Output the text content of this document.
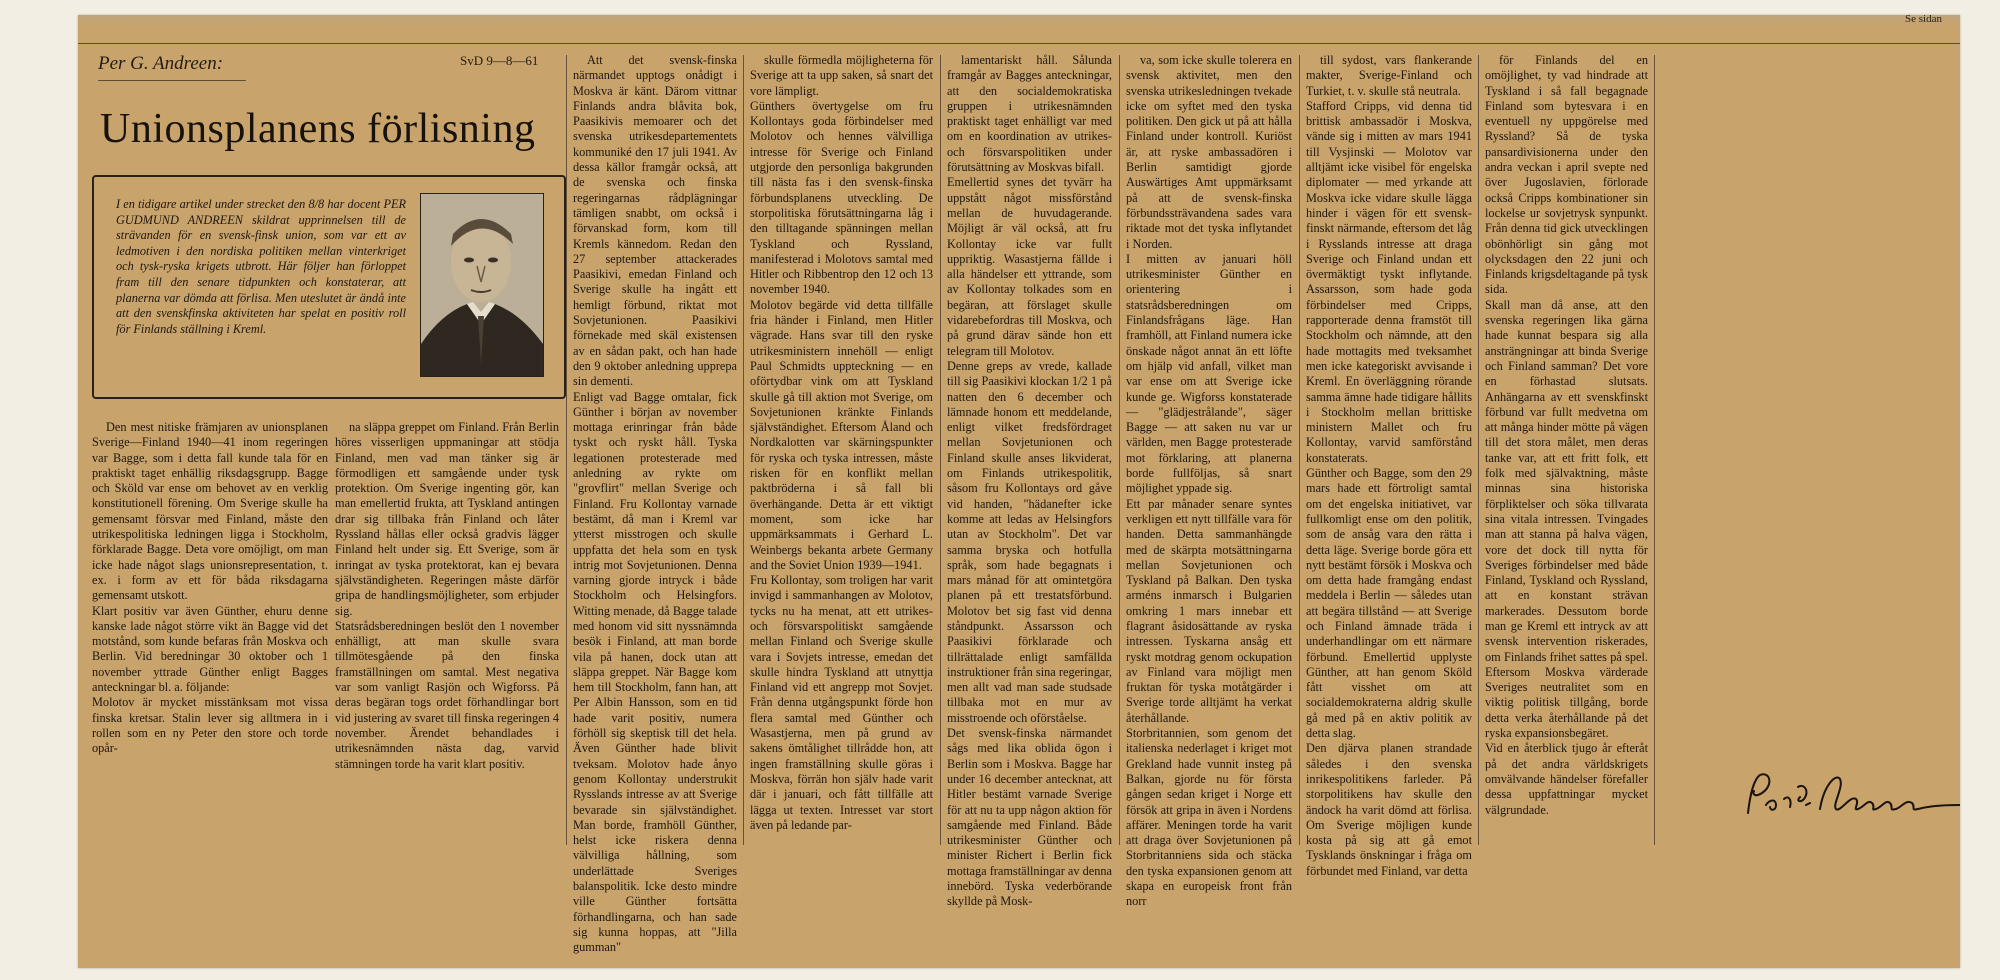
Se sidan
Per G. Andreen:	SvD 9—8—61
Unionsplanens förlisning
I en tidigare artikel under strecket den 8/8 har docent PER GUDMUND ANDREEN skildrat upprinnelsen till de strävanden för en svensk-finsk union, som var ett av ledmotiven i den nordiska politiken mellan vinterkriget och tysk-ryska krigets utbrott. Här följer han förloppet fram till den senare tidpunkten och konstaterar, att planerna var dömda att förlisa. Men uteslutet är ändå inte att den svenskfinska aktiviteten har spelat en positiv roll för Finlands ställning i Kreml.

Den mest nitiske främjaren av unionsplanen Sverige—Finland 1940—41 inom regeringen var Bagge, som i detta fall kunde tala för en praktiskt taget enhällig riksdagsgrupp. Bagge och Sköld var ense om behovet av en verklig konstitutionell förening. Om Sverige skulle ha gemensamt försvar med Finland, måste den utrikespolitiska ledningen ligga i Stockholm, förklarade Bagge. Deta vore omöjligt, om man icke hade något slags unionsrepresentation, t. ex. i form av ett för båda riksdagarna gemensamt utskott.
Klart positiv var även Günther, ehuru denne kanske lade något större vikt än Bagge vid det motstånd, som kunde befaras från Moskva och Berlin. Vid beredningar 30 oktober och 1 november yttrade Günther enligt Bagges anteckningar bl. a. följande:
Molotov är mycket misstänksam mot vissa finska kretsar. Stalin lever sig alltmera in i rollen som en ny Peter den store och torde opår-

na släppa greppet om Finland. Från Berlin höres visserligen uppmaningar att stödja Finland, men vad man tänker sig är förmodligen ett samgående under tysk protektion. Om Sverige ingenting gör, kan man emellertid frukta, att Tyskland antingen drar sig tillbaka från Finland och låter Ryssland hållas eller också gradvis lägger Finland helt under sig. Ett Sverige, som är inringat av tyska protektorat, kan ej bevara självständigheten. Regeringen måste därför gripa de handlingsmöjligheter, som erbjuder sig.
Statsrådsberedningen beslöt den 1 november enhälligt, att man skulle svara tillmötesgående på den finska framställningen om samtal. Mest negativa var som vanligt Rasjön och Wigforss. På deras begäran togs ordet förhandlingar bort vid justering av svaret till finska regeringen 4 november. Ärendet behandlades i utrikesnämnden nästa dag, varvid stämningen torde ha varit klart positiv.

Att det svensk-finska närmandet upptogs onådigt i Moskva är känt. Därom vittnar Finlands andra blåvita bok, Paasikivis memoarer och det svenska utrikesdepartementets kommuniké den 17 juli 1941. Av dessa källor framgår också, att de svenska och finska regeringarnas rådplägningar tämligen snabbt, om också i förvanskad form, kom till Kremls kännedom. Redan den 27 september attackerades Paasikivi, emedan Finland och Sverige skulle ha ingått ett hemligt förbund, riktat mot Sovjetunionen. Paasikivi förnekade med skäl existensen av en sådan pakt, och han hade den 9 oktober anledning upprepa sin dementi.
Enligt vad Bagge omtalar, fick Günther i början av november mottaga erinringar från både tyskt och ryskt håll. Tyska legationen protesterade med anledning av rykte om "grovflirt" mellan Sverige och Finland. Fru Kollontay varnade bestämt, då man i Kreml var ytterst misstrogen och skulle uppfatta det hela som en tysk intrig mot Sovjetunionen. Denna varning gjorde intryck i både Stockholm och Helsingfors. Witting menade, då Bagge talade med honom vid sitt nyssnämnda besök i Finland, att man borde vila på hanen, dock utan att släppa greppet. När Bagge kom hem till Stockholm, fann han, att Per Albin Hansson, som en tid hade varit positiv, numera förhöll sig skeptisk till det hela. Även Günther hade blivit tveksam. Molotov hade ånyo genom Kollontay understrukit Rysslands intresse av att Sverige bevarade sin självständighet. Man borde, framhöll Günther, helst icke riskera denna välvilliga hållning, som underlättade Sveriges balanspolitik. Icke desto mindre ville Günther fortsätta förhandlingarna, och han sade sig kunna hoppas, att "Jilla gumman"

skulle förmedla möjligheterna för Sverige att ta upp saken, så snart det vore lämpligt.
Günthers övertygelse om fru Kollontays goda förbindelser med Molotov och hennes välvilliga intresse för Sverige och Finland utgjorde den personliga bakgrunden till nästa fas i den svensk-finska förbundsplanens utveckling. De storpolitiska förutsättningarna låg i den tilltagande spänningen mellan Tyskland och Ryssland, manifesterad i Molotovs samtal med Hitler och Ribbentrop den 12 och 13 november 1940.
Molotov begärde vid detta tillfälle fria händer i Finland, men Hitler vägrade. Hans svar till den ryske utrikesministern innehöll — enligt Paul Schmidts uppteckning — en oförtydbar vink om att Tyskland skulle gå till aktion mot Sverige, om Sovjetunionen kränkte Finlands självständighet. Eftersom Åland och Nordkalotten var skärningspunkter för ryska och tyska intressen, måste risken för en konflikt mellan paktbröderna i så fall bli överhängande. Detta är ett viktigt moment, som icke har uppmärksammats i Gerhard L. Weinbergs bekanta arbete Germany and the Soviet Union 1939—1941.
Fru Kollontay, som troligen har varit invigd i sammanhangen av Molotov, tycks nu ha menat, att ett utrikes- och försvarspolitiskt samgående mellan Finland och Sverige skulle vara i Sovjets intresse, emedan det skulle hindra Tyskland att utnyttja Finland vid ett angrepp mot Sovjet. Från denna utgångspunkt förde hon flera samtal med Günther och Wasastjerna, men på grund av sakens ömtålighet tillrådde hon, att ingen framställning skulle göras i Moskva, förrän hon själv hade varit där i januari, och fått tillfälle att lägga ut texten. Intresset var stort även på ledande par-

lamentariskt håll. Sålunda framgår av Bagges anteckningar, att den socialdemokratiska gruppen i utrikesnämnden praktiskt taget enhälligt var med om en koordination av utrikes- och försvarspolitiken under förutsättning av Moskvas bifall.
Emellertid synes det tyvärr ha uppstått något missförstånd mellan de huvudagerande. Möjligt är väl också, att fru Kollontay icke var fullt uppriktig. Wasastjerna fällde i alla händelser ett yttrande, som av Kollontay tolkades som en begäran, att förslaget skulle vidarebefordras till Moskva, och på grund därav sände hon ett telegram till Molotov.
Denne greps av vrede, kallade till sig Paasikivi klockan 1/2 1 på natten den 6 december och lämnade honom ett meddelande, enligt vilket fredsfördraget mellan Sovjetunionen och Finland skulle anses likviderat, om Finlands utrikespolitik, såsom fru Kollontays ord gåve vid handen, "hädanefter icke komme att ledas av Helsingfors utan av Stockholm". Det var samma bryska och hotfulla språk, som hade begagnats i mars månad för att omintetgöra planen på ett trestatsförbund. Molotov bet sig fast vid denna ståndpunkt. Assarsson och Paasikivi förklarade och tillrättalade enligt samfällda instruktioner från sina regeringar, men allt vad man sade studsade tillbaka mot en mur av misstroende och oförståelse.
Det svensk-finska närmandet sågs med lika oblida ögon i Berlin som i Moskva. Bagge har under 16 december antecknat, att Hitler bestämt varnade Sverige för att nu ta upp någon aktion för samgående med Finland. Både utrikesminister Günther och minister Richert i Berlin fick mottaga framställningar av denna innebörd. Tyska vederbörande skyllde på Mosk-

va, som icke skulle tolerera en svensk aktivitet, men den svenska utrikesledningen tvekade icke om syftet med den tyska politiken. Den gick ut på att hålla Finland under kontroll. Kuriöst är, att ryske ambassadören i Berlin samtidigt gjorde Auswärtiges Amt uppmärksamt på att de svensk-finska förbundssträvandena sades vara riktade mot det tyska inflytandet i Norden.
I mitten av januari höll utrikesminister Günther en orientering i statsrådsberedningen om Finlandsfrågans läge. Han framhöll, att Finland numera icke önskade något annat än ett löfte om hjälp vid anfall, vilket man var ense om att Sverige icke kunde ge. Wigforss konstaterade — "glädjestrålande", säger Bagge — att saken nu var ur världen, men Bagge protesterade mot förklaring, att planerna borde fullföljas, så snart möjlighet yppade sig.
Ett par månader senare syntes verkligen ett nytt tillfälle vara för handen. Detta sammanhängde med de skärpta motsättningarna mellan Sovjetunionen och Tyskland på Balkan. Den tyska arméns inmarsch i Bulgarien omkring 1 mars innebar ett flagrant åsidosättande av ryska intressen. Tyskarna ansåg ett ryskt motdrag genom ockupation av Finland vara möjligt men fruktan för tyska motåtgärder i Sverige torde alltjämt ha verkat återhållande.
Storbritannien, som genom det italienska nederlaget i kriget mot Grekland hade vunnit insteg på Balkan, gjorde nu för första gången sedan kriget i Norge ett försök att gripa in även i Nordens affärer. Meningen torde ha varit att draga över Sovjetunionen på Storbritanniens sida och stäcka den tyska expansionen genom att skapa en europeisk front från norr

till sydost, vars flankerande makter, Sverige-Finland och Turkiet, t. v. skulle stå neutrala.
Stafford Cripps, vid denna tid brittisk ambassadör i Moskva, vände sig i mitten av mars 1941 till Vysjinski — Molotov var alltjämt icke visibel för engelska diplomater — med yrkande att Moskva icke vidare skulle lägga hinder i vägen för ett svensk-finskt närmande, eftersom det låg i Rysslands intresse att draga Sverige och Finland undan ett övermäktigt tyskt inflytande. Assarsson, som hade goda förbindelser med Cripps, rapporterade denna framstöt till Stockholm och nämnde, att den hade mottagits med tveksamhet men icke kategoriskt avvisande i Kreml. En överläggning rörande samma ämne hade tidigare hållits i Stockholm mellan brittiske ministern Mallet och fru Kollontay, varvid samförstånd konstaterats.
Günther och Bagge, som den 29 mars hade ett förtroligt samtal om det engelska initiativet, var fullkomligt ense om den politik, som de ansåg vara den rätta i detta läge. Sverige borde göra ett nytt bestämt försök i Moskva och om detta hade framgång endast meddela i Berlin — således utan att begära tillstånd — att Sverige och Finland ämnade träda i underhandlingar om ett närmare förbund. Emellertid upplyste Günther, att han genom Sköld fått visshet om att socialdemokraterna aldrig skulle gå med på en aktiv politik av detta slag.
Den djärva planen strandade således i den svenska inrikespolitikens farleder. På storpolitikens hav skulle den ändock ha varit dömd att förlisa. Om Sverige möjligen kunde kosta på sig att gå emot Tysklands önskningar i fråga om förbundet med Finland, var detta

för Finlands del en omöjlighet, ty vad hindrade att Tyskland i så fall begagnade Finland som bytesvara i en eventuell ny uppgörelse med Ryssland? Så de tyska pansardivisionerna under den andra veckan i april svepte ned över Jugoslavien, förlorade också Cripps kombinationer sin lockelse ur sovjetrysk synpunkt. Från denna tid gick utvecklingen obönhörligt sin gång mot olycksdagen den 22 juni och Finlands krigsdeltagande på tysk sida.
Skall man då anse, att den svenska regeringen lika gärna hade kunnat bespara sig alla ansträngningar att binda Sverige och Finland samman? Det vore en förhastad slutsats. Anhängarna av ett svenskfinskt förbund var fullt medvetna om att många hinder mötte på vägen till det stora målet, men deras tanke var, att ett fritt folk, ett folk med självaktning, måste minnas sina historiska förpliktelser och söka tillvarata sina vitala intressen. Tvingades man att stanna på halva vägen, vore det dock till nytta för Sveriges förbindelser med både Finland, Tyskland och Ryssland, att en konstant strävan markerades. Dessutom borde man ge Kreml ett intryck av att svensk intervention riskerades, om Finlands frihet sattes på spel. Eftersom Moskva värderade Sveriges neutralitet som en viktig politisk tillgång, borde detta verka återhållande på det ryska expansionsbegäret.
Vid en återblick tjugo år efteråt på det andra världskrigets omvälvande händelser förefaller dessa uppfattningar mycket välgrundade.
